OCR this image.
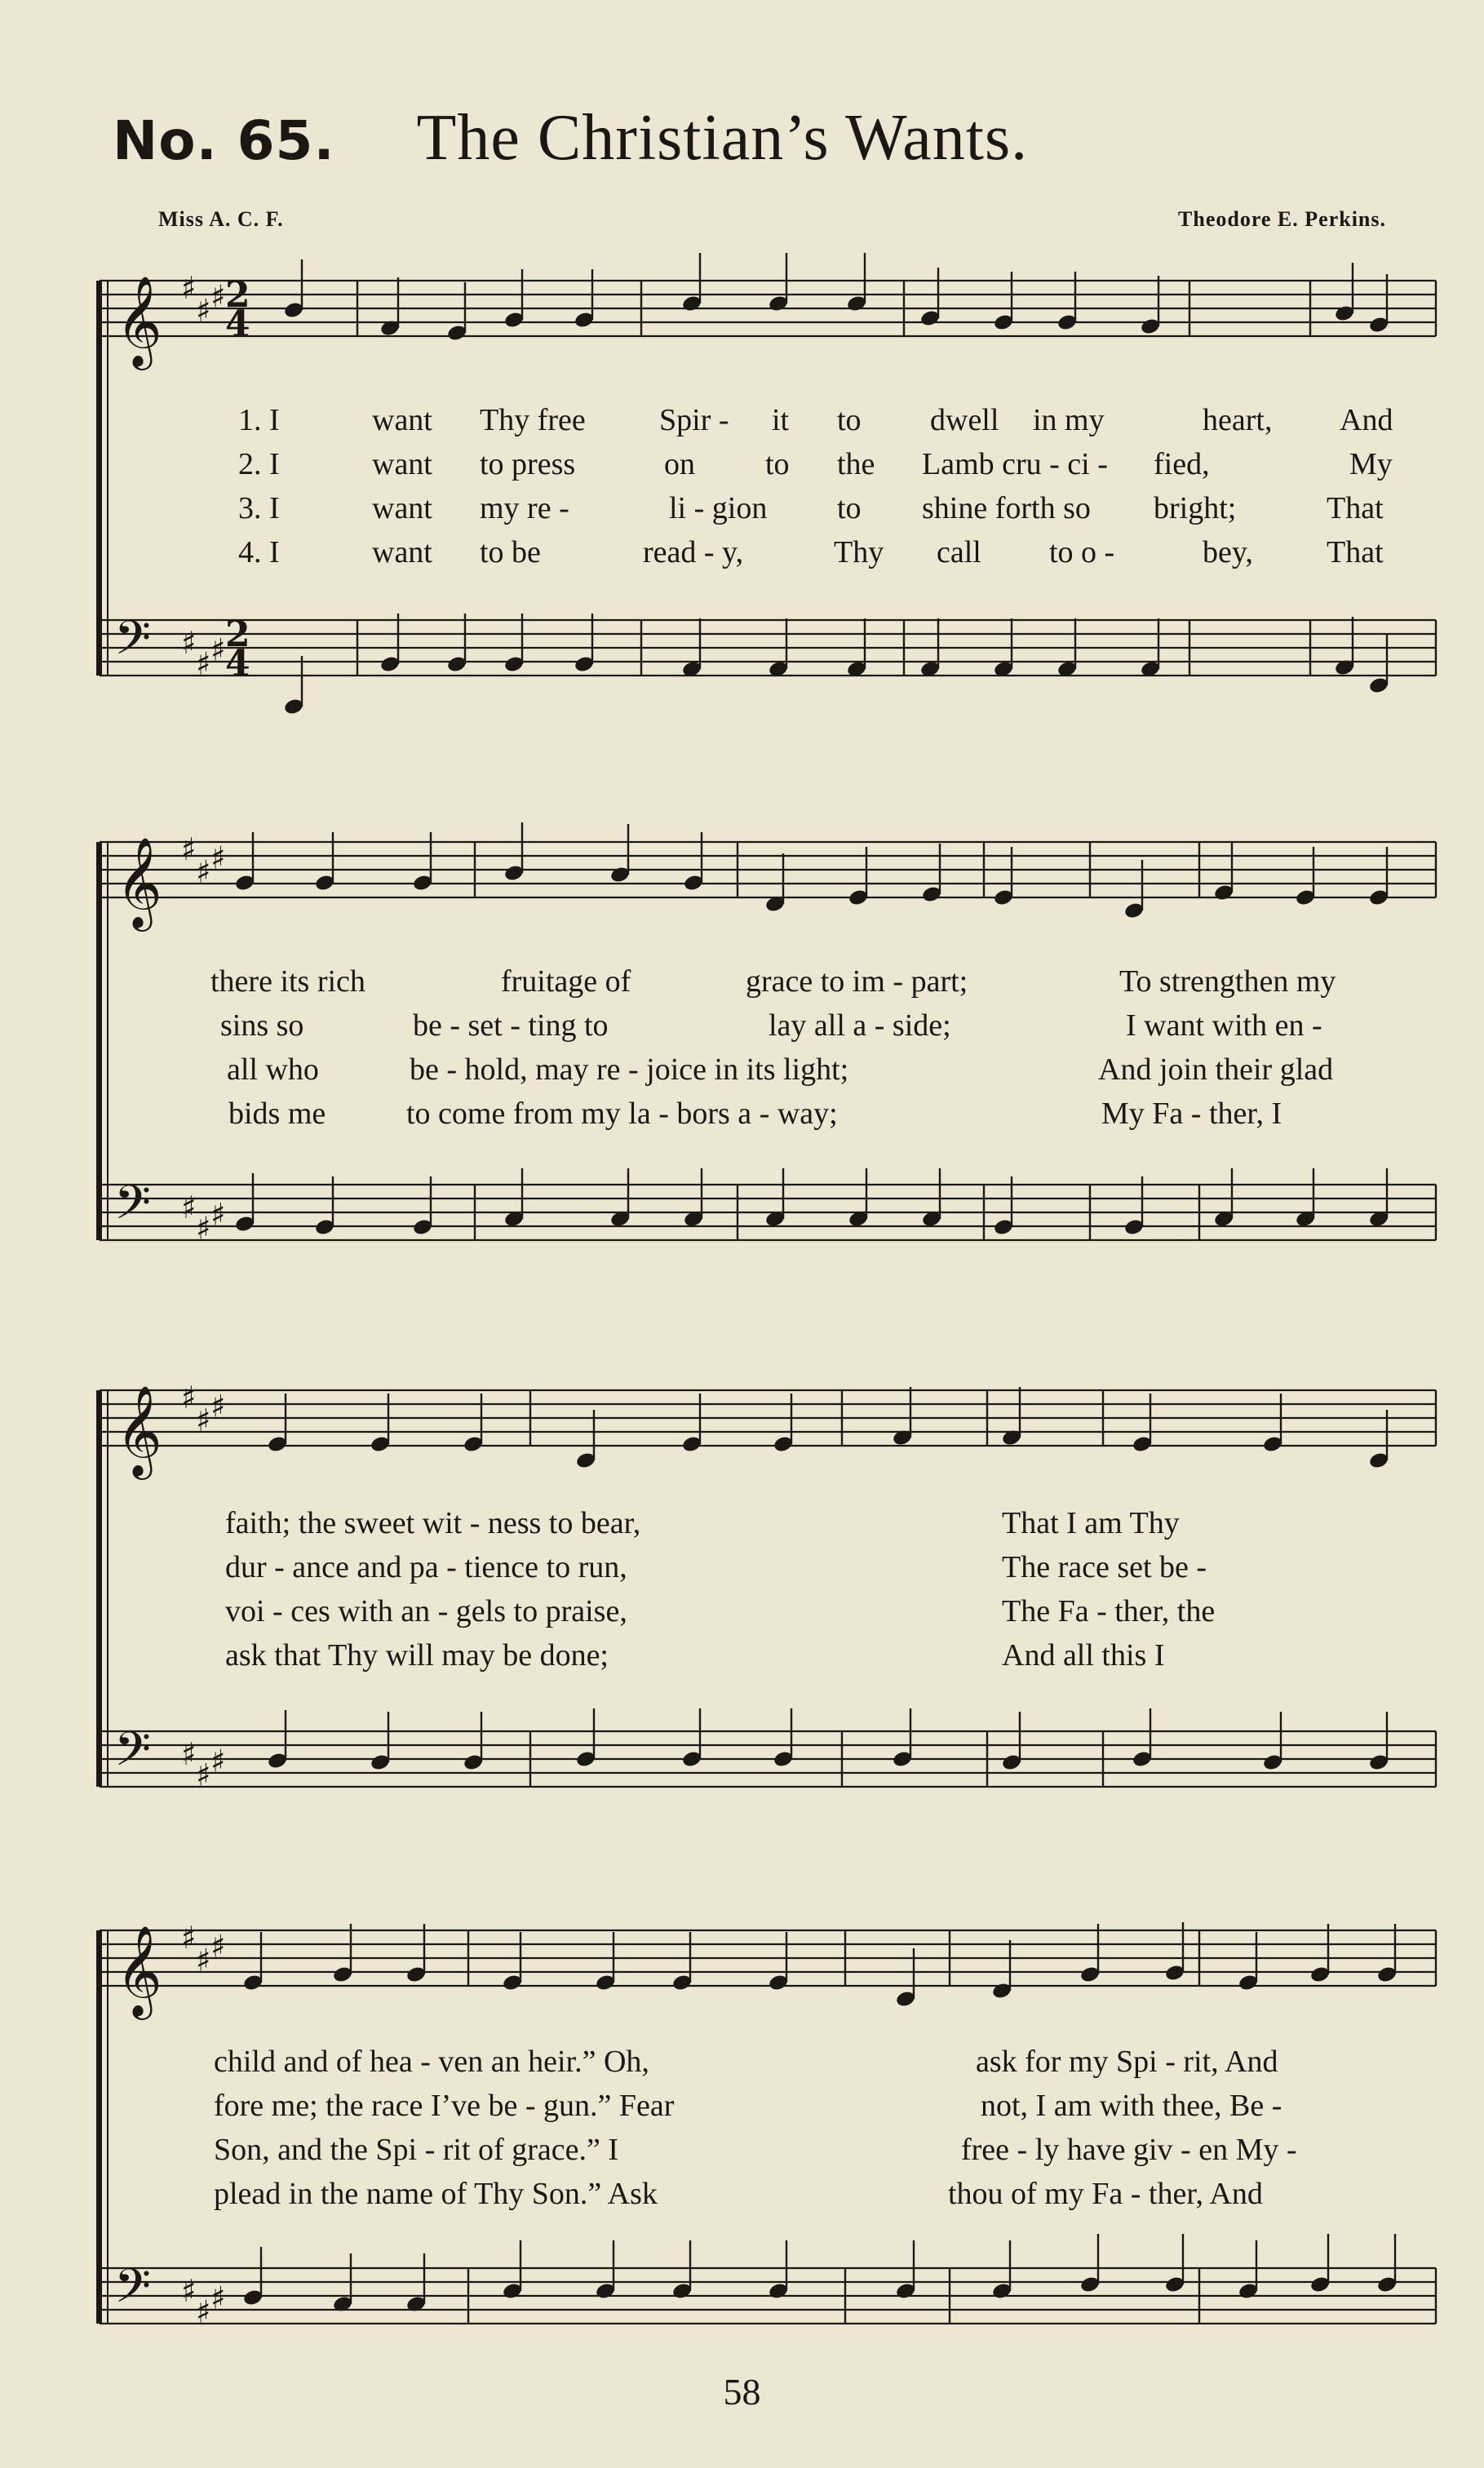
No. 65. The Christian’s Wants.
Miss A. C. F.	Theodore E. Perkins.
𝄞 ♯
♯ ♯
𝄢 ♯
♯ ♯
𝄞 ♯
♯ ♯
𝄢 ♯
♯ ♯
𝄞 ♯
♯ ♯
𝄢 ♯
♯ ♯
𝄞 ♯
♯ ♯
𝄢 ♯
♯ ♯
2
4
2
4
1. I	want Thy free Spir - it to dwell in my	heart, And
2. I	want to press	on to the Lamb cru - ci - fied,	My
3. I	want my re -	li - gion to shine forth so bright;	That
4. I	want to be	read - y,	Thy call to o -	bey, That
there its rich	fruitage of	grace to im - part;	To strengthen my
sins so	be - set - ting to	lay all a - side;	I want with en -
all who	be - hold, may re - joice in its light;	And join their glad
bids me	to come from my la - bors a - way;	My Fa - ther, I
faith; the sweet wit - ness to bear,	That I am Thy
dur - ance and pa - tience to run,	The race set be -
voi - ces with an - gels to praise,	The Fa - ther, the
ask that Thy will may be done;	And all this I
child and of hea - ven an heir.” Oh,	ask for my Spi - rit, And
fore me; the race I’ve be - gun.” Fear	not, I am with thee, Be -
Son, and the Spi - rit of grace.” I	free - ly have giv - en My -
plead in the name of Thy Son.” Ask	thou of my Fa - ther, And
58
